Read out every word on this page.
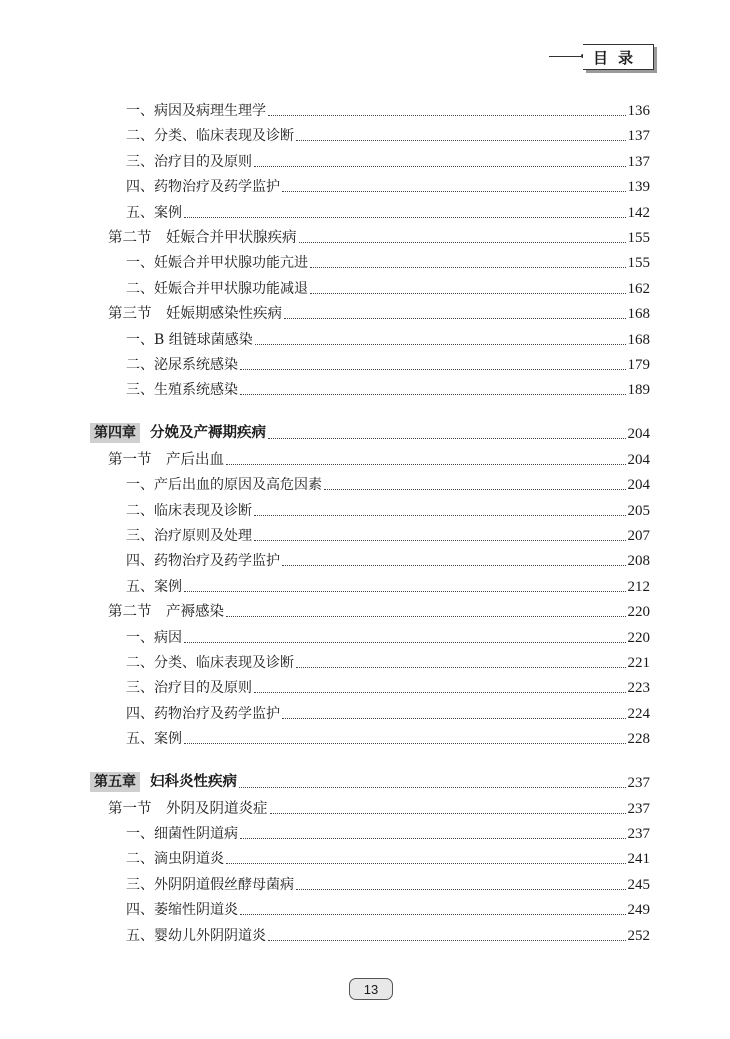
目录
一、病因及病理生理学	136
二、分类、临床表现及诊断	137
三、治疗目的及原则	137
四、药物治疗及药学监护	139
五、案例	142
第二节　妊娠合并甲状腺疾病	155
一、妊娠合并甲状腺功能亢进	155
二、妊娠合并甲状腺功能减退	162
第三节　妊娠期感染性疾病	168
一、B 组链球菌感染	168
二、泌尿系统感染	179
三、生殖系统感染	189
第四章 分娩及产褥期疾病	204
第一节　产后出血	204
一、产后出血的原因及高危因素	204
二、临床表现及诊断	205
三、治疗原则及处理	207
四、药物治疗及药学监护	208
五、案例	212
第二节　产褥感染	220
一、病因	220
二、分类、临床表现及诊断	221
三、治疗目的及原则	223
四、药物治疗及药学监护	224
五、案例	228
第五章 妇科炎性疾病	237
第一节　外阴及阴道炎症	237
一、细菌性阴道病	237
二、滴虫阴道炎	241
三、外阴阴道假丝酵母菌病	245
四、萎缩性阴道炎	249
五、婴幼儿外阴阴道炎	252
13
